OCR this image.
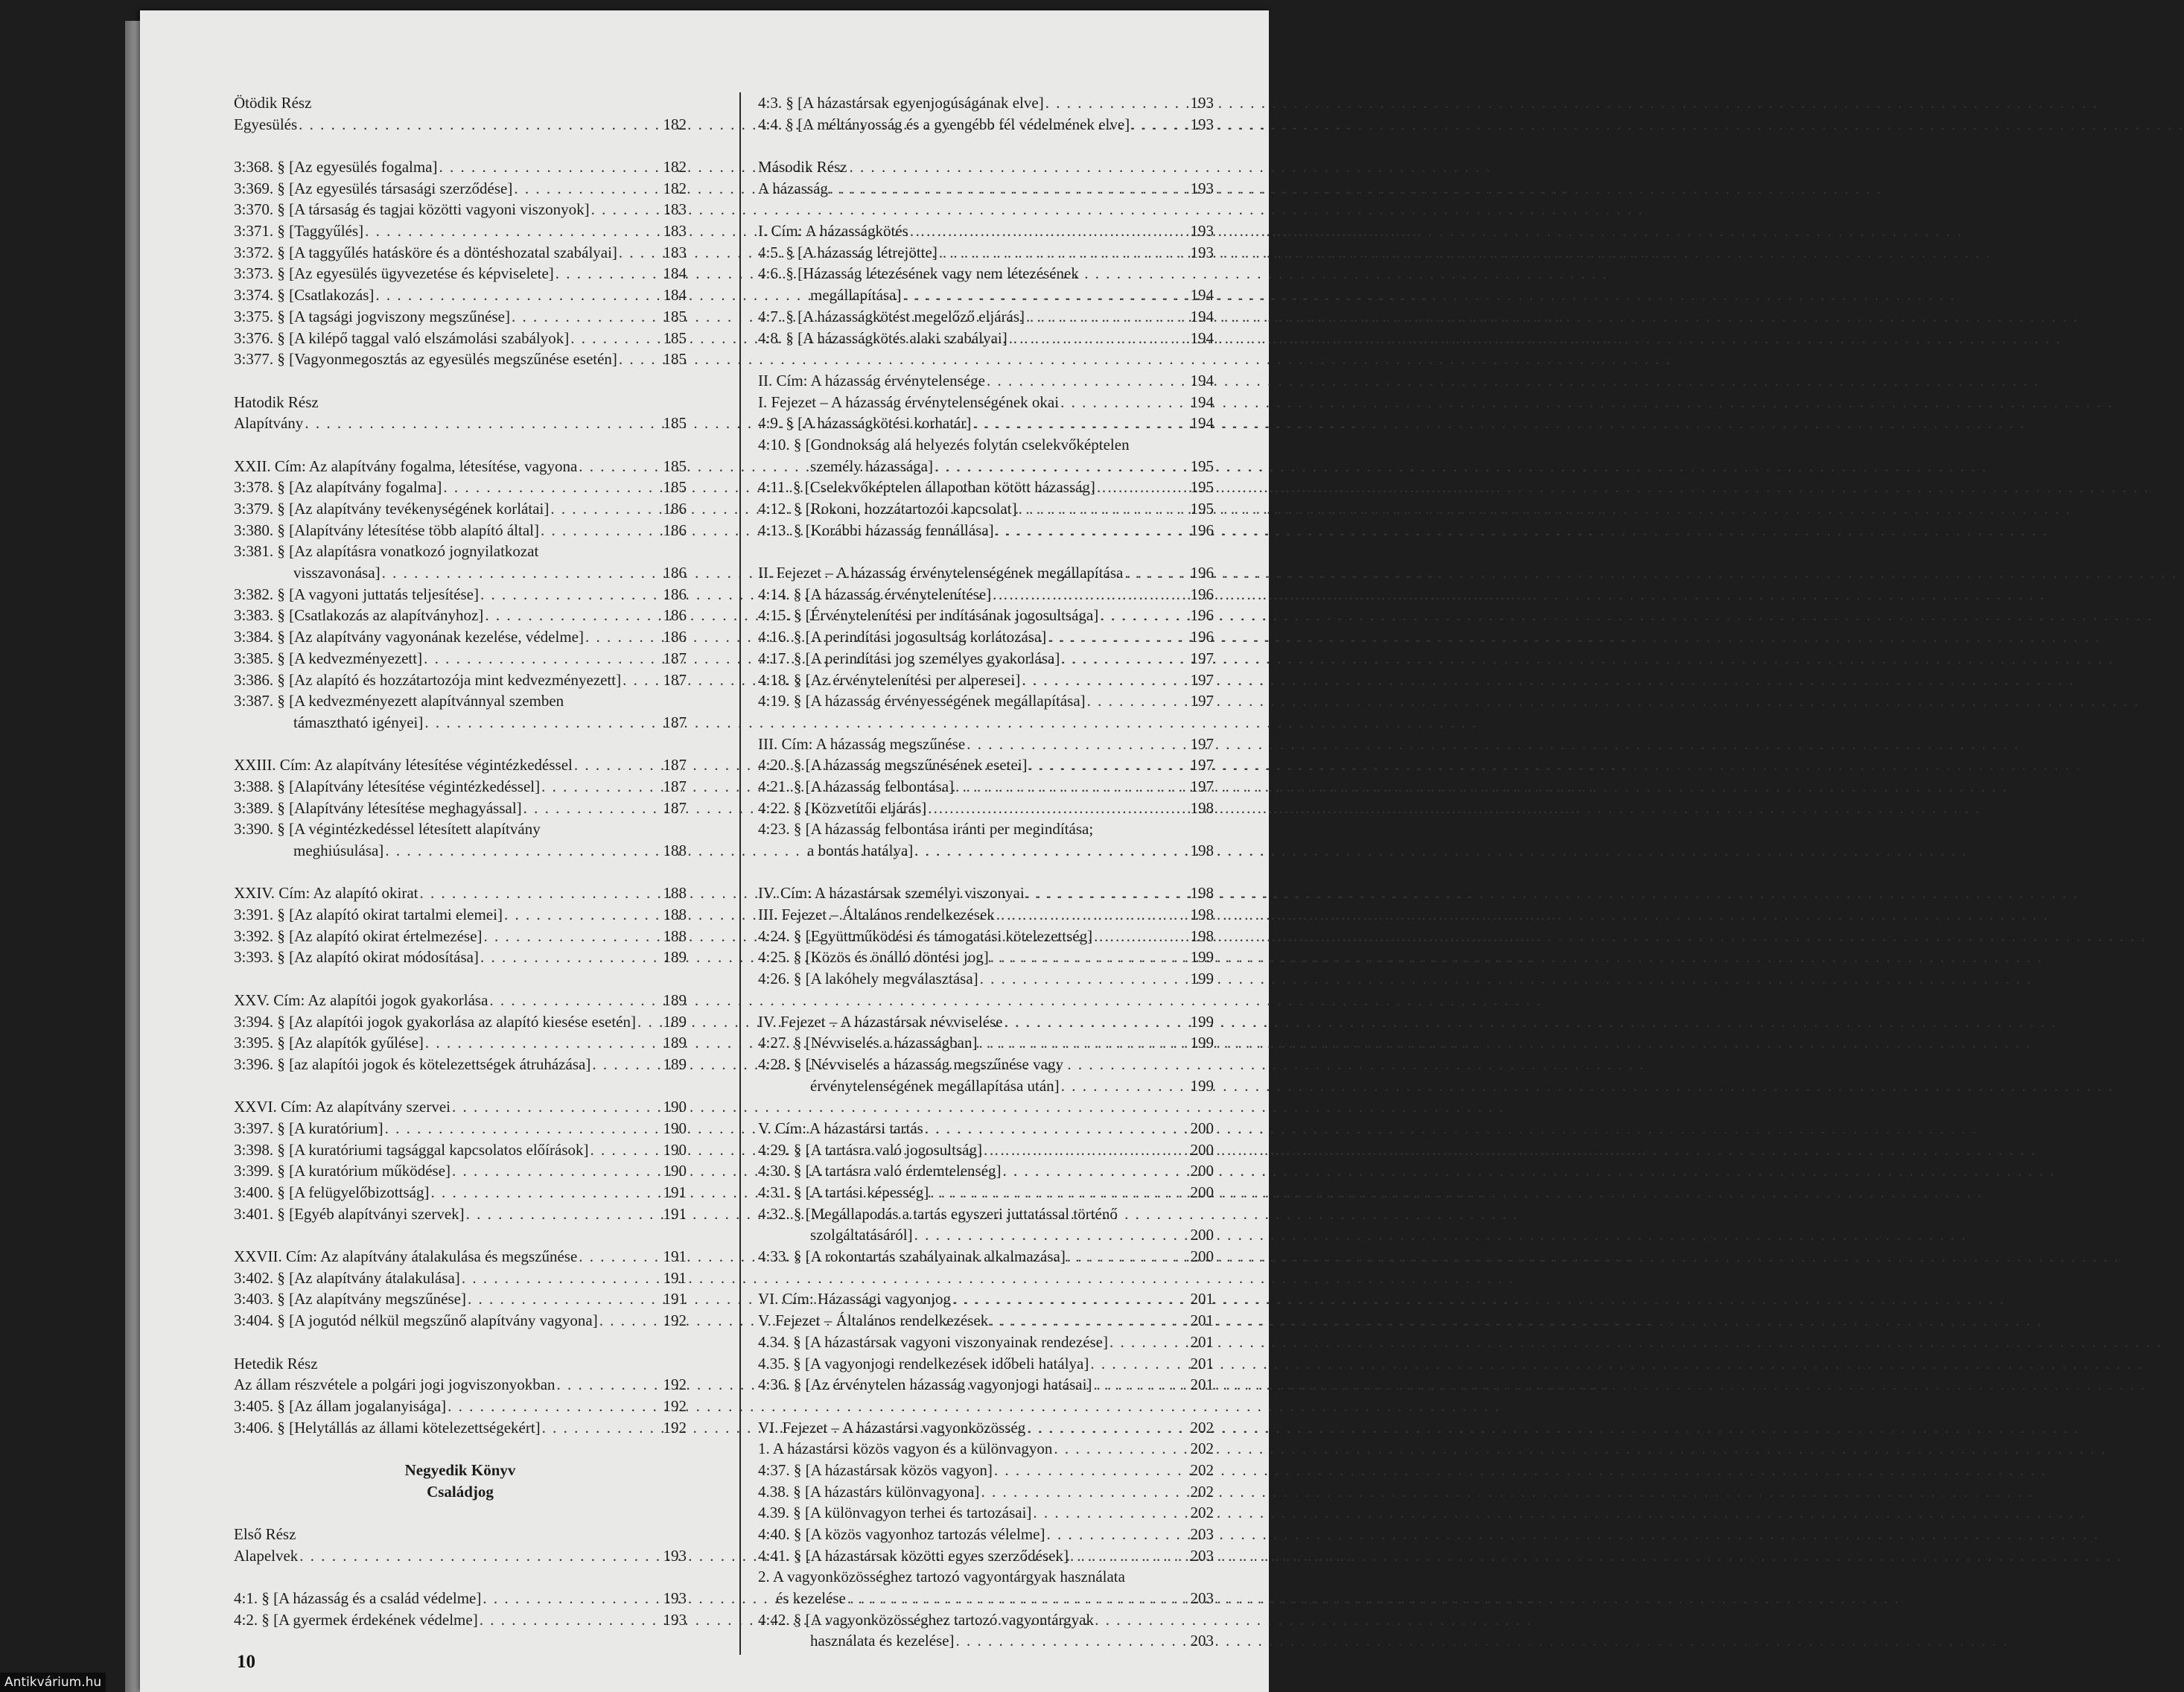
Ötödik Rész
Egyesülés . . .	182
3:368. § [Az egyesülés fogalma] . . .	182
3:369. § [Az egyesülés társasági szerződése] . . .	182
3:370. § [A társaság és tagjai közötti vagyoni viszonyok] . . .	183
3:371. § [Taggyűlés] . . .	183
3:372. § [A taggyűlés hatásköre és a döntéshozatal szabályai] . . .	183
3:373. § [Az egyesülés ügyvezetése és képviselete] . . .	184
3:374. § [Csatlakozás] . . .	184
3:375. § [A tagsági jogviszony megszűnése] . . .	185
3:376. § [A kilépő taggal való elszámolási szabályok] . . .	185
3:377. § [Vagyonmegosztás az egyesülés megszűnése esetén] . . .	185
Hatodik Rész
Alapítvány . . .	185
XXII. Cím: Az alapítvány fogalma, létesítése, vagyona . . .	185
3:378. § [Az alapítvány fogalma] . . .	185
3:379. § [Az alapítvány tevékenységének korlátai] . . .	186
3:380. § [Alapítvány létesítése több alapító által] . . .	186
3:381. § [Az alapításra vonatkozó jognyilatkozat
visszavonása] . . .	186
3:382. § [A vagyoni juttatás teljesítése] . . .	186
3:383. § [Csatlakozás az alapítványhoz] . . .	186
3:384. § [Az alapítvány vagyonának kezelése, védelme] . . .	186
3:385. § [A kedvezményezett] . . .	187
3:386. § [Az alapító és hozzátartozója mint kedvezményezett] . . .	187
3:387. § [A kedvezményezett alapítvánnyal szemben
támasztható igényei] . . .	187
XXIII. Cím: Az alapítvány létesítése végintézkedéssel . . .	187
3:388. § [Alapítvány létesítése végintézkedéssel] . . .	187
3:389. § [Alapítvány létesítése meghagyással] . . .	187
3:390. § [A végintézkedéssel létesített alapítvány
meghiúsulása] . . .	188
XXIV. Cím: Az alapító okirat . . .	188
3:391. § [Az alapító okirat tartalmi elemei] . . .	188
3:392. § [Az alapító okirat értelmezése] . . .	188
3:393. § [Az alapító okirat módosítása] . . .	189
XXV. Cím: Az alapítói jogok gyakorlása . . .	189
3:394. § [Az alapítói jogok gyakorlása az alapító kiesése esetén] . . .	189
3:395. § [Az alapítók gyűlése] . . .	189
3:396. § [az alapítói jogok és kötelezettségek átruházása] . . .	189
XXVI. Cím: Az alapítvány szervei . . .	190
3:397. § [A kuratórium] . . .	190
3:398. § [A kuratóriumi tagsággal kapcsolatos előírások] . . .	190
3:399. § [A kuratórium működése] . . .	190
3:400. § [A felügyelőbizottság] . . .	191
3:401. § [Egyéb alapítványi szervek] . . .	191
XXVII. Cím: Az alapítvány átalakulása és megszűnése . . .	191
3:402. § [Az alapítvány átalakulása] . . .	191
3:403. § [Az alapítvány megszűnése] . . .	191
3:404. § [A jogutód nélkül megszűnő alapítvány vagyona] . . .	192
Hetedik Rész
Az állam részvétele a polgári jogi jogviszonyokban . . .	192
3:405. § [Az állam jogalanyisága] . . .	192
3:406. § [Helytállás az állami kötelezettségekért] . . .	192
Negyedik Könyv
Családjog
Első Rész
Alapelvek . . .	193
4:1. § [A házasság és a család védelme] . . .	193
4:2. § [A gyermek érdekének védelme] . . .	193
4:3. § [A házastársak egyenjogúságának elve] . . .	193
4:4. § [A méltányosság és a gyengébb fél védelmének elve] . . .	193
Második Rész
A házasság . . .	193
I. Cím: A házasságkötés . . .	193
4:5. § [A házasság létrejötte] . . .	193
4:6. § [Házasság létezésének vagy nem létezésének
megállapítása] . . .	194
4:7. § [A házasságkötést megelőző eljárás] . . .	194
4:8. § [A házasságkötés alaki szabályai] . . .	194
II. Cím: A házasság érvénytelensége . . .	194
I. Fejezet – A házasság érvénytelenségének okai . . .	194
4:9. § [A házasságkötési korhatár] . . .	194
4:10. § [Gondnokság alá helyezés folytán cselekvőképtelen
személy házassága] . . .	195
4:11. § [Cselekvőképtelen állapotban kötött házasság] . . .	195
4:12. § [Rokoni, hozzátartozói kapcsolat] . . .	195
4:13. § [Korábbi házasság fennállása] . . .	196
II. Fejezet – A házasság érvénytelenségének megállapítása . . .	196
4:14. § [A házasság érvénytelenítése] . . .	196
4:15. § [Érvénytelenítési per indításának jogosultsága] . . .	196
4:16. § [A perindítási jogosultság korlátozása] . . .	196
4:17. § [A perindítási jog személyes gyakorlása] . . .	197
4:18. § [Az érvénytelenítési per alperesei] . . .	197
4:19. § [A házasság érvényességének megállapítása] . . .	197
III. Cím: A házasság megszűnése . . .	197
4:20. § [A házasság megszűnésének esetei] . . .	197
4:21. § [A házasság felbontása] . . .	197
4:22. § [Közvetítői eljárás] . . .	198
4:23. § [A házasság felbontása iránti per megindítása;
a bontás hatálya] . . .	198
IV. Cím: A házastársak személyi viszonyai . . .	198
III. Fejezet – Általános rendelkezések . . .	198
4:24. § [Együttműködési és támogatási kötelezettség] . . .	198
4:25. § [Közös és önálló döntési jog] . . .	199
4:26. § [A lakóhely megválasztása] . . .	199
IV. Fejezet – A házastársak névviselése . . .	199
4:27. § [Névviselés a házasságban] . . .	199
4:28. § [Névviselés a házasság megszűnése vagy
érvénytelenségének megállapítása után] . . .	199
V. Cím: A házastársi tartás . . .	200
4:29. § [A tartásra való jogosultság] . . .	200
4:30. § [A tartásra való érdemtelenség] . . .	200
4:31. § [A tartási képesség] . . .	200
4:32. § [Megállapodás a tartás egyszeri juttatással történő
szolgáltatásáról] . . .	200
4:33. § [A rokontartás szabályainak alkalmazása] . . .	200
VI. Cím: Házassági vagyonjog . . .	201
V. Fejezet – Általános rendelkezések . . .	201
4.34. § [A házastársak vagyoni viszonyainak rendezése] . . .	201
4.35. § [A vagyonjogi rendelkezések időbeli hatálya] . . .	201
4:36. § [Az érvénytelen házasság vagyonjogi hatásai] . . .	201
VI. Fejezet – A házastársi vagyonközösség . . .	202
1. A házastársi közös vagyon és a különvagyon . . .	202
4:37. § [A házastársak közös vagyon] . . .	202
4.38. § [A házastárs különvagyona] . . .	202
4.39. § [A különvagyon terhei és tartozásai] . . .	202
4:40. § [A közös vagyonhoz tartozás vélelme] . . .	203
4:41. § [A házastársak közötti egyes szerződések] . . .	203
2. A vagyonközösséghez tartozó vagyontárgyak használata
és kezelése . . .	203
4:42. § [A vagyonközösséghez tartozó vagyontárgyak
használata és kezelése] . . .	203
10
Antikvárium.hu
